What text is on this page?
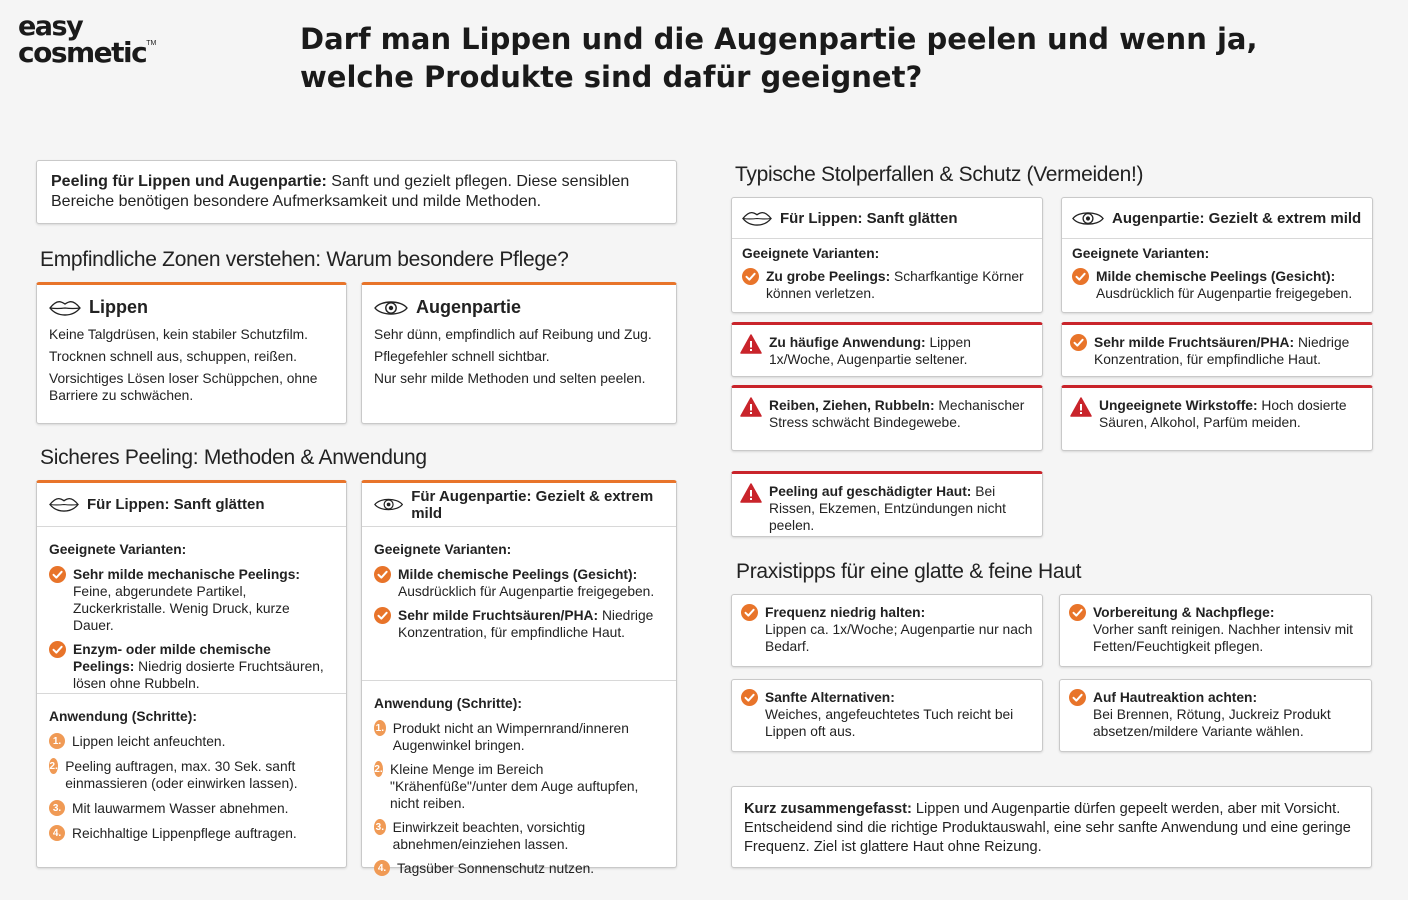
easy
cosmetic™	Darf man Lippen und die Augenpartie peelen und wenn ja,
welche Produkte sind dafür geeignet?
Peeling für Lippen und Augenpartie: Sanft und gezielt pflegen. Diese sensiblen Bereiche benötigen besondere Aufmerksamkeit und milde Methoden.
Empfindliche Zonen verstehen: Warum besondere Pflege?
Lippen

Keine Talgdrüsen, kein stabiler Schutzfilm.

Trocknen schnell aus, schuppen, reißen.

Vorsichtiges Lösen loser Schüppchen, ohne Barriere zu schwächen.

Augenpartie

Sehr dünn, empfindlich auf Reibung und Zug.

Pflegefehler schnell sichtbar.

Nur sehr milde Methoden und selten peelen.

Sicheres Peeling: Methoden & Anwendung
Für Lippen: Sanft glätten
Geeignete Varianten:
Sehr milde mechanische Peelings: Feine, abgerundete Partikel, Zuckerkristalle. Wenig Druck, kurze Dauer.
Enzym- oder milde chemische Peelings: Niedrig dosierte Fruchtsäuren, lösen ohne Rubbeln.
Anwendung (Schritte):
1. Lippen leicht anfeuchten.
2. Peeling auftragen, max. 30 Sek. sanft einmassieren (oder einwirken lassen).
3. Mit lauwarmem Wasser abnehmen.
4. Reichhaltige Lippenpflege auftragen.
Für Augenpartie: Gezielt & extrem mild
Geeignete Varianten:
Milde chemische Peelings (Gesicht): Ausdrücklich für Augenpartie freigegeben.
Sehr milde Fruchtsäuren/PHA: Niedrige Konzentration, für empfindliche Haut.
Anwendung (Schritte):
1. Produkt nicht an Wimpernrand/inneren Augenwinkel bringen.
2. Kleine Menge im Bereich "Krähenfüße"/unter dem Auge auftupfen, nicht reiben.
3. Einwirkzeit beachten, vorsichtig abnehmen/einziehen lassen.
4. Tagsüber Sonnenschutz nutzen.
Typische Stolperfallen & Schutz (Vermeiden!)
Für Lippen: Sanft glätten
Geeignete Varianten:
Zu grobe Peelings: Scharfkantige Körner können verletzen.
Augenpartie: Gezielt & extrem mild
Geeignete Varianten:
Milde chemische Peelings (Gesicht): Ausdrücklich für Augenpartie freigegeben.
Zu häufige Anwendung: Lippen 1x/Woche, Augenpartie seltener.
Sehr milde Fruchtsäuren/PHA: Niedrige Konzentration, für empfindliche Haut.
Reiben, Ziehen, Rubbeln: Mechanischer Stress schwächt Bindegewebe.
Ungeeignete Wirkstoffe: Hoch dosierte Säuren, Alkohol, Parfüm meiden.
Peeling auf geschädigter Haut: Bei Rissen, Ekzemen, Entzündungen nicht peelen.
Praxistipps für eine glatte & feine Haut
Frequenz niedrig halten:
Lippen ca. 1x/Woche; Augenpartie nur nach Bedarf.
Vorbereitung & Nachpflege:
Vorher sanft reinigen. Nachher intensiv mit Fetten/Feuchtigkeit pflegen.
Sanfte Alternativen:
Weiches, angefeuchtetes Tuch reicht bei Lippen oft aus.
Auf Hautreaktion achten:
Bei Brennen, Rötung, Juckreiz Produkt absetzen/mildere Variante wählen.
Kurz zusammengefasst: Lippen und Augenpartie dürfen gepeelt werden, aber mit Vorsicht. Entscheidend sind die richtige Produktauswahl, eine sehr sanfte Anwendung und eine geringe Frequenz. Ziel ist glattere Haut ohne Reizung.
